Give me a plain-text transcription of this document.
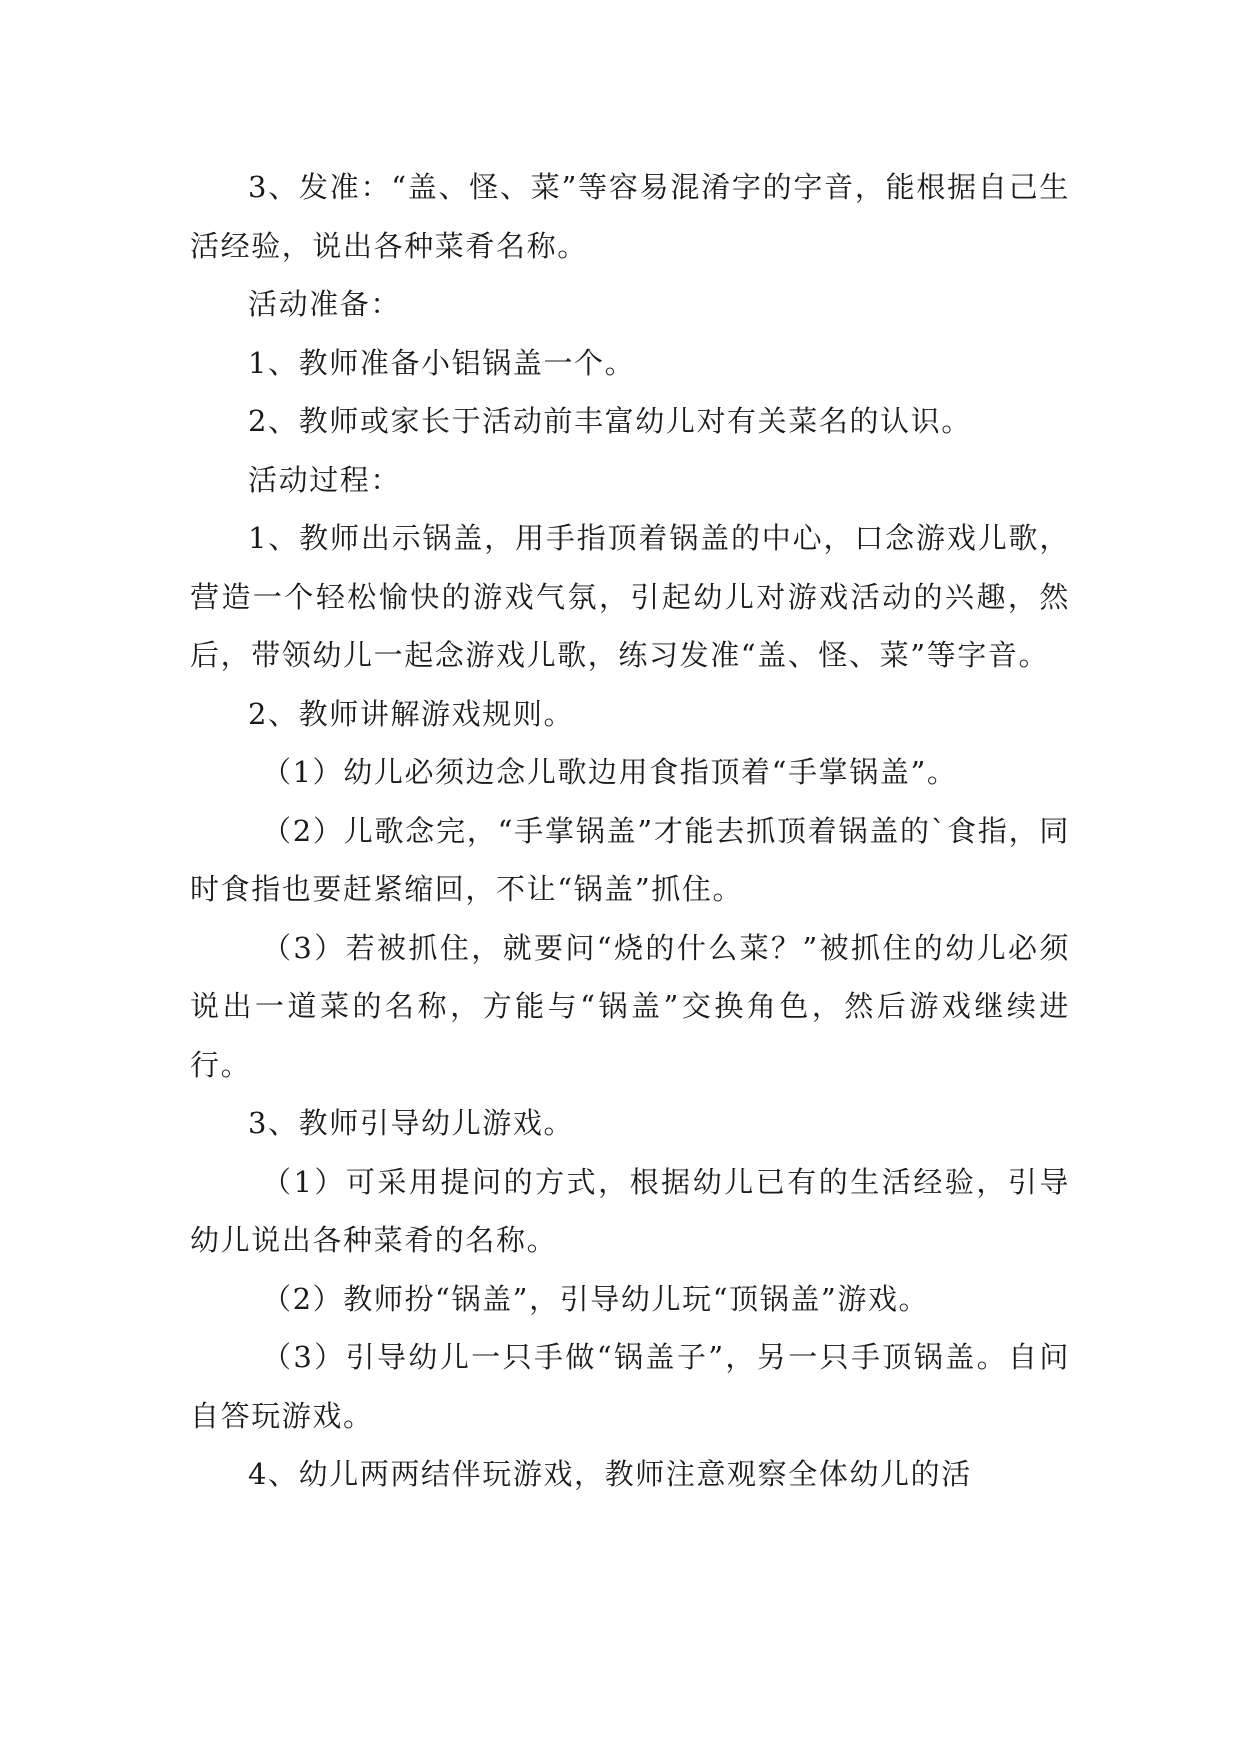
3、发准：“盖、怪、菜”等容易混淆字的字音，能根据自己生活经验，说出各种菜肴名称。

活动准备：

1、教师准备小铝锅盖一个。

2、教师或家长于活动前丰富幼儿对有关菜名的认识。

活动过程：

1、教师出示锅盖，用手指顶着锅盖的中心，口念游戏儿歌，营造一个轻松愉快的游戏气氛，引起幼儿对游戏活动的兴趣，然后，带领幼儿一起念游戏儿歌，练习发准“盖、怪、菜”等字音。

2、教师讲解游戏规则。

（1）幼儿必须边念儿歌边用食指顶着“手掌锅盖”。

（2）儿歌念完，“手掌锅盖”才能去抓顶着锅盖的`食指，同时食指也要赶紧缩回，不让“锅盖”抓住。

（3）若被抓住，就要问“烧的什么菜？”被抓住的幼儿必须说出一道菜的名称，方能与“锅盖”交换角色，然后游戏继续进行。

3、教师引导幼儿游戏。

（1）可采用提问的方式，根据幼儿已有的生活经验，引导幼儿说出各种菜肴的名称。

（2）教师扮“锅盖”，引导幼儿玩“顶锅盖”游戏。

（3）引导幼儿一只手做“锅盖子”，另一只手顶锅盖。自问自答玩游戏。

4、幼儿两两结伴玩游戏，教师注意观察全体幼儿的活
